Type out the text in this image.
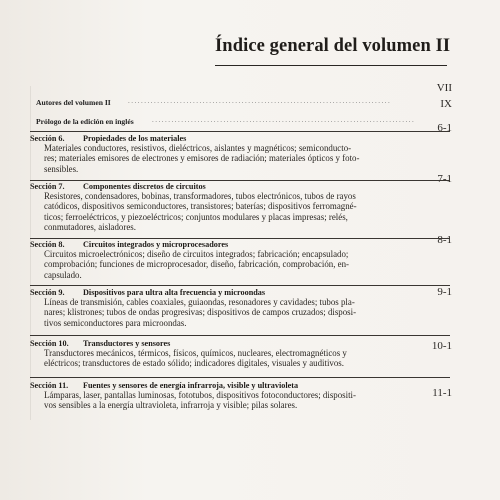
Índice general del volumen II
VII
Autores del volumen II .................................................................................	IX
Prólogo de la edición en inglés	.................................................................................
6-1
Sección 6. Propiedades de los materiales
Materiales conductores, resistivos, dieléctricos, aislantes y magnéticos; semiconducto-
res; materiales emisores de electrones y emisores de radiación; materiales ópticos y foto-
sensibles.
7-1
Sección 7. Componentes discretos de circuitos
Resistores, condensadores, bobinas, transformadores, tubos electrónicos, tubos de rayos
catódicos, dispositivos semiconductores, transistores; baterías; dispositivos ferromagné-
ticos; ferroeléctricos, y piezoeléctricos; conjuntos modulares y placas impresas; relés,
conmutadores, aisladores.
8-1
Sección 8. Circuitos integrados y microprocesadores
Circuitos microelectrónicos; diseño de circuitos integrados; fabricación; encapsulado;
comprobación; funciones de microprocesador, diseño, fabricación, comprobación, en-
capsulado.
9-1
Sección 9. Dispositivos para ultra alta frecuencia y microondas
Líneas de transmisión, cables coaxiales, guiaondas, resonadores y cavidades; tubos pla-
nares; klistrones; tubos de ondas progresivas; dispositivos de campos cruzados; disposi-
tivos semiconductores para microondas.
10-1
Sección 10. Transductores y sensores
Transductores mecánicos, térmicos, físicos, químicos, nucleares, electromagnéticos y
eléctricos; transductores de estado sólido; indicadores digitales, visuales y auditivos.
11-1
Sección 11. Fuentes y sensores de energía infrarroja, visible y ultravioleta
Lámparas, laser, pantallas luminosas, fototubos, dispositivos fotoconductores; dispositi-
vos sensibles a la energía ultravioleta, infrarroja y visible; pilas solares.
